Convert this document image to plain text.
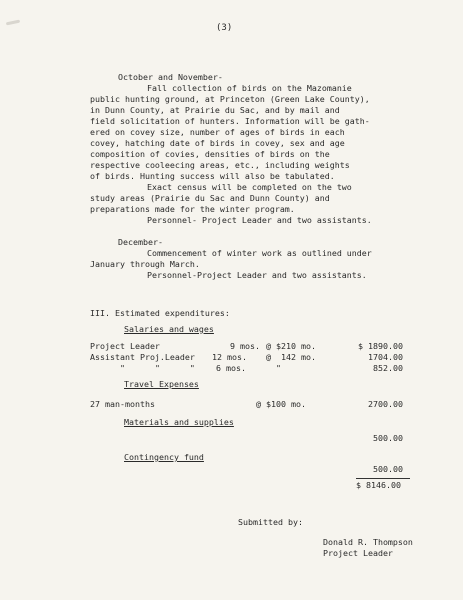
(3)
October and November-
Fall collection of birds on the Mazomanie
public hunting ground, at Princeton (Green Lake County),
in Dunn County, at Prairie du Sac, and by mail and
field solicitation of hunters. Information will be gath-
ered on covey size, number of ages of birds in each
covey, hatching date of birds in covey, sex and age
composition of covies, densities of birds on the
respective cooleecing areas, etc., including weights
of birds. Hunting success will also be tabulated.
Exact census will be completed on the two
study areas (Prairie du Sac and Dunn County) and
preparations made for the winter program.
Personnel- Project Leader and two assistants.
December-
Commencement of winter work as outlined under
January through March.
Personnel-Project Leader and two assistants.
III. Estimated expenditures:
Salaries and wages
Project Leader	9 mos. @ $210 mo.	$ 1890.00
Assistant Proj.Leader 12 mos. @  142 mo.	1704.00
"      "      "	6 mos.	"	852.00
Travel Expenses
27 man-months	@ $100 mo.	2700.00
Materials and supplies
500.00
Contingency fund
500.00
$ 8146.00
Submitted by:
Donald R. Thompson
Project Leader
